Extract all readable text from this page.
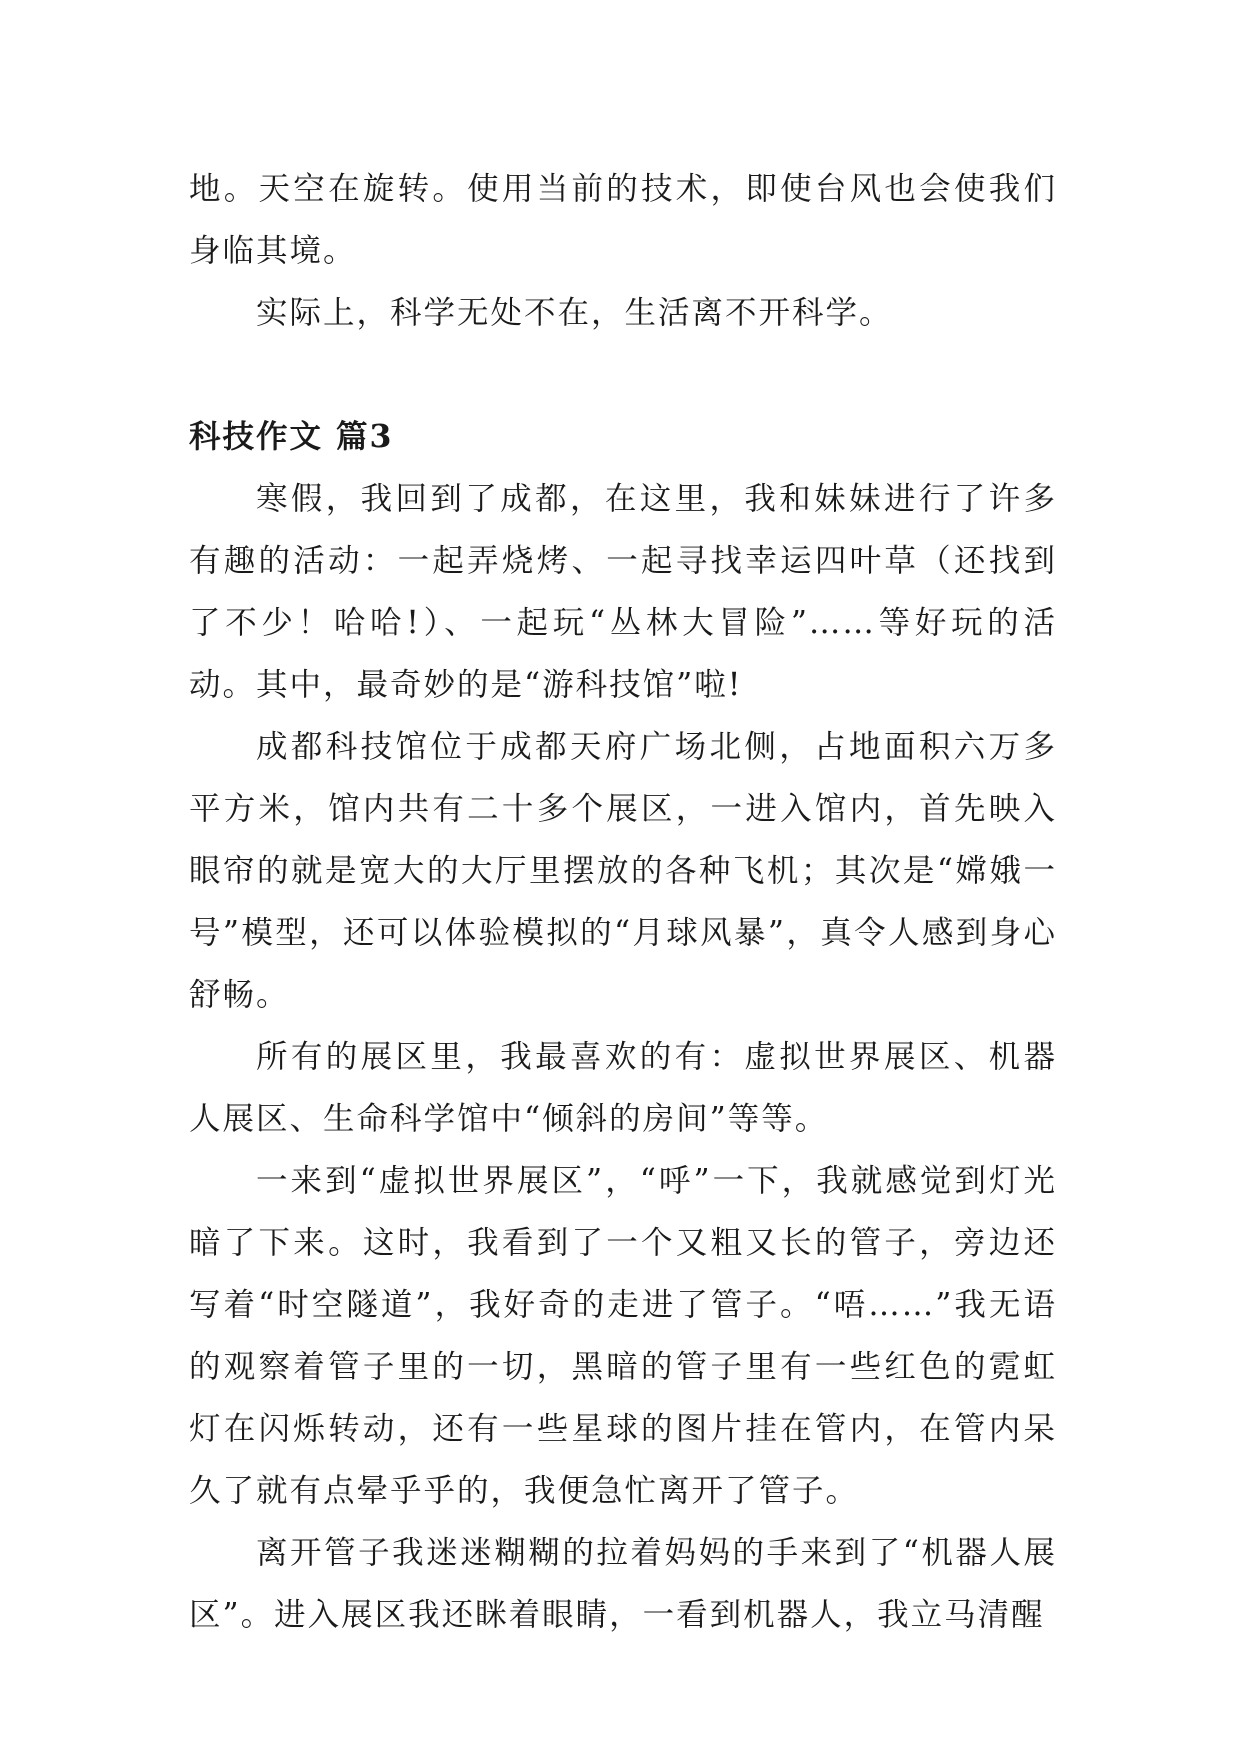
地。天空在旋转。使用当前的技术，即使台风也会使我们身临其境。

实际上，科学无处不在，生活离不开科学。

科技作文 篇3

寒假，我回到了成都，在这里，我和妹妹进行了许多有趣的活动：一起弄烧烤、一起寻找幸运四叶草（还找到了不少！哈哈!）、一起玩“丛林大冒险”……等好玩的活动。其中，最奇妙的是“游科技馆”啦!

成都科技馆位于成都天府广场北侧，占地面积六万多平方米，馆内共有二十多个展区，一进入馆内，首先映入眼帘的就是宽大的大厅里摆放的各种飞机；其次是“嫦娥一号”模型，还可以体验模拟的“月球风暴”，真令人感到身心舒畅。

所有的展区里，我最喜欢的有：虚拟世界展区、机器人展区、生命科学馆中“倾斜的房间”等等。

一来到“虚拟世界展区”，“呼”一下，我就感觉到灯光暗了下来。这时，我看到了一个又粗又长的管子，旁边还写着“时空隧道”，我好奇的走进了管子。“唔……”我无语的观察着管子里的一切，黑暗的管子里有一些红色的霓虹灯在闪烁转动，还有一些星球的图片挂在管内，在管内呆久了就有点晕乎乎的，我便急忙离开了管子。

离开管子我迷迷糊糊的拉着妈妈的手来到了“机器人展区”。进入展区我还眯着眼睛，一看到机器人，我立马清醒
